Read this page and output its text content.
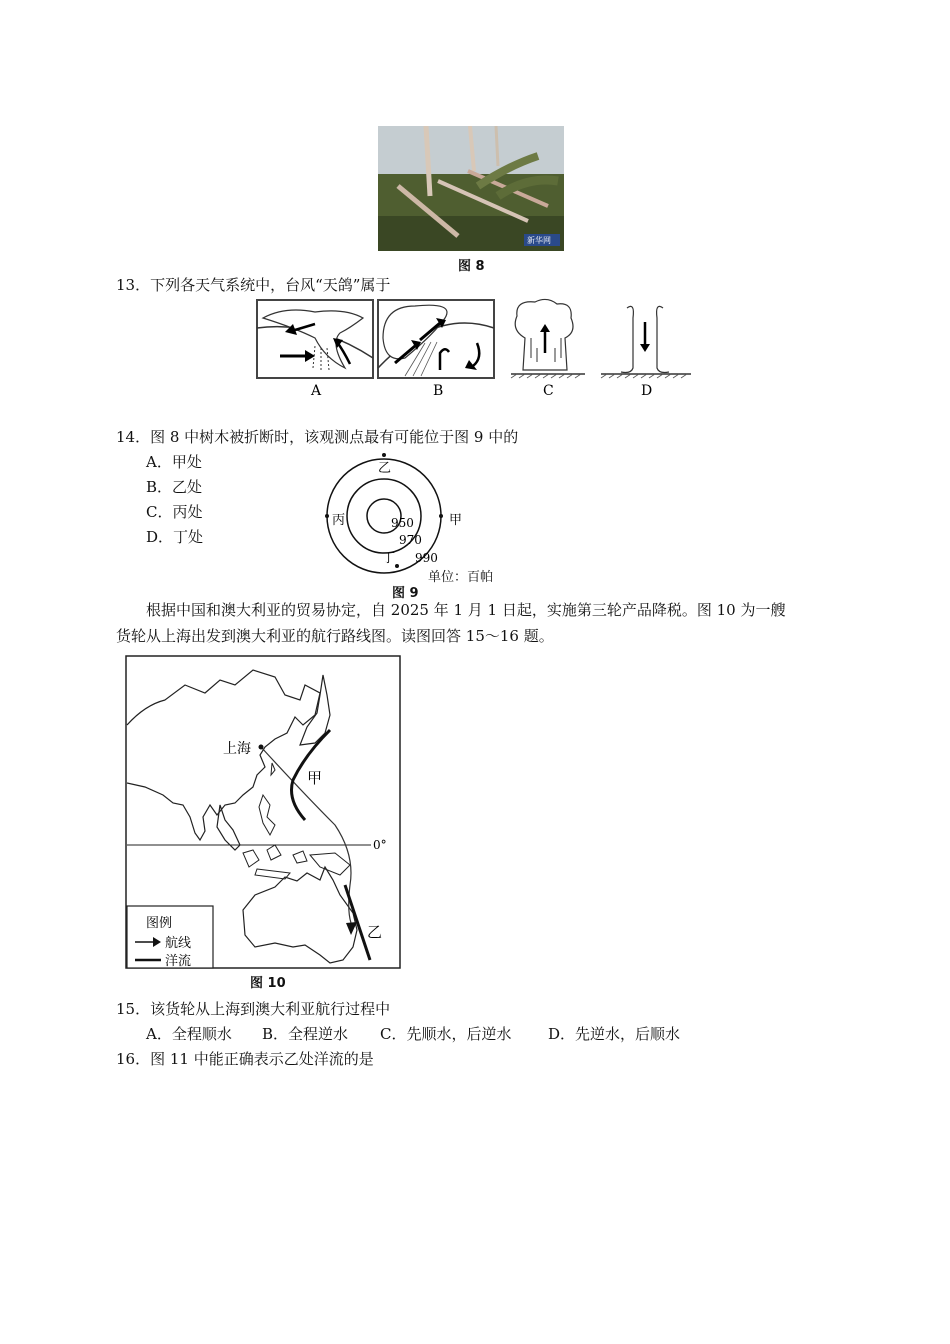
新华网
图 8
13．下列各天气系统中，台风“天鸽”属于
A	B	C	D
14．图 8 中树木被折断时，该观测点最有可能位于图 9 中的
A．甲处
B．乙处
C．丙处
D．丁处
乙
丙	甲
丁
950
970
990
单位：百帕
图 9
根据中国和澳大利亚的贸易协定，自 2025 年 1 月 1 日起，实施第三轮产品降税。图 10 为一艘
货轮从上海出发到澳大利亚的航行路线图。读图回答 15～16 题。
0°
上海
甲
乙
图例
航线
洋流
图 10
15．该货轮从上海到澳大利亚航行过程中
A．全程顺水 B．全程逆水 C．先顺水，后逆水 D．先逆水，后顺水
16．图 11 中能正确表示乙处洋流的是
